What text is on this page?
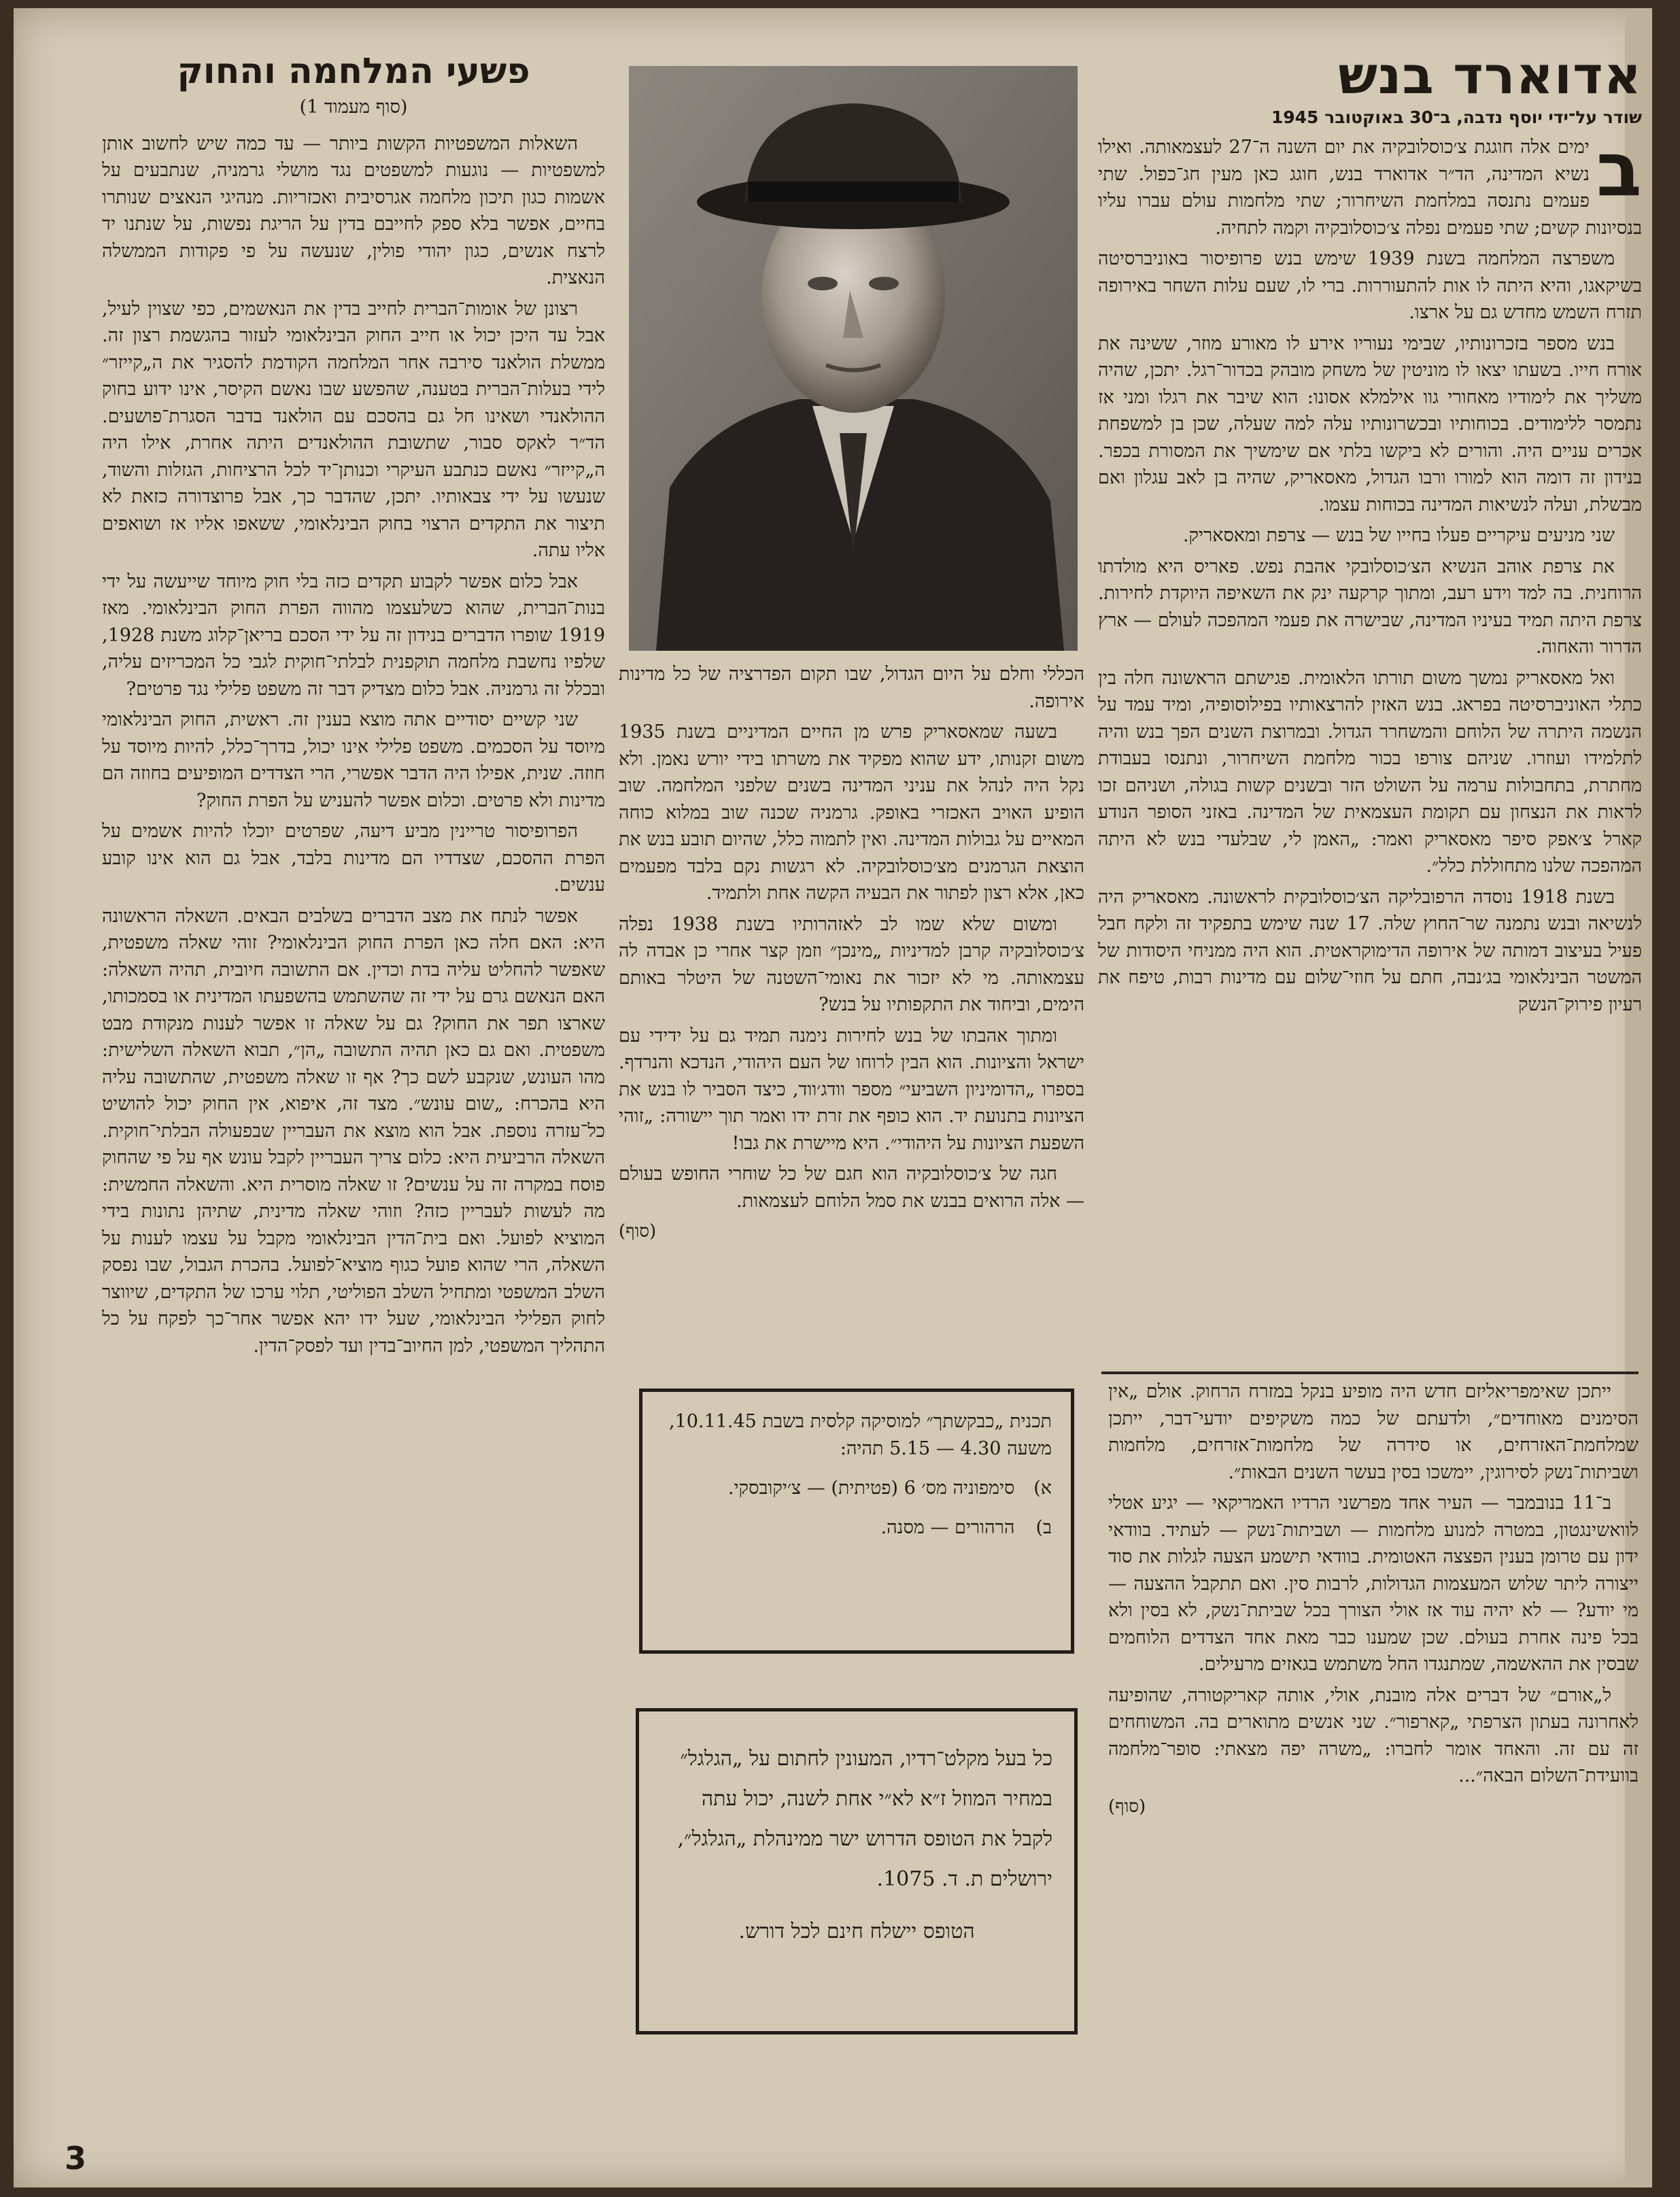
אדוארד בנש
שודר על־ידי יוסף נדבה, ב־30 באוקטובר 1945

ב
ימים אלה חוגגת צ׳כוסלובקיה את יום השנה ה־27 לעצמאותה. ואילו נשיא המדינה, הד״ר אדוארד בנש, חוגג כאן מעין חג־כפול. שתי פעמים נתנסה במלחמת השיחרור; שתי מלחמות עולם עברו עליו בנסיונות קשים; שתי פעמים נפלה צ׳כוסלובקיה וקמה לתחיה.

משפרצה המלחמה בשנת 1939 שימש בנש פרופיסור באוניברסיטה בשיקאגו, והיא היתה לו אות להתעוררות. ברי לו, שעם עלות השחר באירופה תזרח השמש מחדש גם על ארצו.

בנש מספר בזכרונותיו, שבימי נעוריו אירע לו מאורע מוזר, ששינה את אורח חייו. בשעתו יצאו לו מוניטין של משחק מובהק בכדור־רגל. יתכן, שהיה משליך את לימודיו מאחורי גוו אילמלא אסונו: הוא שיבר את רגלו ומני אז נתמסר ללימודים. בכוחותיו ובכשרונותיו עלה למה שעלה, שכן בן למשפחת אכרים עניים היה. והורים לא ביקשו בלתי אם שימשיך את המסורת בכפר. בנידון זה דומה הוא למורו ורבו הגדול, מאסאריק, שהיה בן לאב עגלון ואם מבשלת, ועלה לנשיאות המדינה בכוחות עצמו.

שני מניעים עיקריים פעלו בחייו של בנש — צרפת ומאסאריק.

את צרפת אוהב הנשיא הצ׳כוסלובקי אהבת נפש. פאריס היא מולדתו הרוחנית. בה למד וידע רעב, ומתוך קרקעה ינק את השאיפה היוקדת לחירות. צרפת היתה תמיד בעיניו המדינה, שבישרה את פעמי המהפכה לעולם — ארץ הדרור והאחוה.

ואל מאסאריק נמשך משום תורתו הלאומית. פגישתם הראשונה חלה בין כתלי האוניברסיטה בפראג. בנש האזין להרצאותיו בפילוסופיה, ומיד עמד על הנשמה היתרה של הלוחם והמשחרר הגדול. ובמרוצת השנים הפך בנש והיה לתלמידו ועוזרו. שניהם צורפו בכור מלחמת השיחרור, ונתנסו בעבודת מחתרת, בתחבולות ערמה על השולט הזר ובשנים קשות בגולה, ושניהם זכו לראות את הנצחון עם תקומת העצמאית של המדינה. באזני הסופר הנודע קארל צ׳אפק סיפר מאסאריק ואמר: „האמן לי, שבלעדי בנש לא היתה המהפכה שלנו מתחוללת כלל״.

בשנת 1918 נוסדה הרפובליקה הצ׳כוסלובקית לראשונה. מאסאריק היה לנשיאה ובנש נתמנה שר־החוץ שלה. 17 שנה שימש בתפקיד זה ולקח חבל פעיל בעיצוב דמותה של אירופה הדימוקראטית. הוא היה ממניחי היסודות של המשטר הבינלאומי בג׳נבה, חתם על חוזי־שלום עם מדינות רבות, טיפח את רעיון פירוק־הנשק

ייתכן שאימפריאליזם חדש היה מופיע בנקל במזרח הרחוק. אולם „אין הסימנים מאוחדים״, ולדעתם של כמה משקיפים יודעי־דבר, ייתכן שמלחמת־האזרחים, או סידרה של מלחמות־אזרחים, מלחמות ושביתות־נשק לסירוגין, יימשכו בסין בעשר השנים הבאות״.

ב־11 בנובמבר — העיר אחד מפרשני הרדיו האמריקאי — יגיע אטלי לוואשינגטון, במטרה למנוע מלחמות — ושביתות־נשק — לעתיד. בוודאי ידון עם טרומן בענין הפצצה האטומית. בוודאי תישמע הצעה לגלות את סוד ייצורה ליתר שלוש המעצמות הגדולות, לרבות סין. ואם תתקבל ההצעה — מי יודע? — לא יהיה עוד אז אולי הצורך בכל שביתת־נשק, לא בסין ולא בכל פינה אחרת בעולם. שכן שמענו כבר מאת אחד הצדדים הלוחמים שבסין את ההאשמה, שמתנגדו החל משתמש בגאזים מרעילים.

ל„אורם״ של דברים אלה מובנת, אולי, אותה קאריקטורה, שהופיעה לאחרונה בעתון הצרפתי „קארפור״. שני אנשים מתוארים בה. המשוחחים זה עם זה. והאחד אומר לחברו: „משרה יפה מצאתי: סופר־מלחמה בוועידת־השלום הבאה״...

(סוף)

הכללי וחלם על היום הגדול, שבו תקום הפדרציה של כל מדינות אירופה.

בשעה שמאסאריק פרש מן החיים המדיניים בשנת 1935 משום זקנותו, ידע שהוא מפקיד את משרתו בידי יורש נאמן. ולא נקל היה לנהל את עניני המדינה בשנים שלפני המלחמה. שוב הופיע האויב האכזרי באופק. גרמניה שכנה שוב במלוא כוחה המאיים על גבולות המדינה. ואין לתמוה כלל, שהיום תובע בנש את הוצאת הגרמנים מצ׳כוסלובקיה. לא רגשות נקם בלבד מפעמים כאן, אלא רצון לפתור את הבעיה הקשה אחת ולתמיד.

ומשום שלא שמו לב לאזהרותיו בשנת 1938 נפלה צ׳כוסלובקיה קרבן למדיניות „מינכן״ וזמן קצר אחרי כן אבדה לה עצמאותה. מי לא יזכור את נאומי־השטנה של היטלר באותם הימים, וביחוד את התקפותיו על בנש?

ומתוך אהבתו של בנש לחירות נימנה תמיד גם על ידידי עם ישראל והציונות. הוא הבין לרוחו של העם היהודי, הנדכא והנרדף. בספרו „הדומיניון השביעי״ מספר וודג׳ווד, כיצד הסביר לו בנש את הציונות בתנועת יד. הוא כופף את זרת ידו ואמר תוך יישורה: „זוהי השפעת הציונות על היהודי״. היא מיישרת את גבו!

חגה של צ׳כוסלובקיה הוא חגם של כל שוחרי החופש בעולם — אלה הרואים בבנש את סמל הלוחם לעצמאות.

(סוף)
תכנית „כבקשתך״ למוסיקה קלסית בשבת 10.11.45, משעה 4.30 — 5.15 תהיה:
א) סימפוניה מס׳ 6 (פטיתית) — צ׳יקובסקי.
ב) הרהורים — מסנה.
כל בעל מקלט־רדיו, המעונין לחתום על „הגלגל״ במחיר המוזל ז״א לא״י אחת לשנה, יכול עתה לקבל את הטופס הדרוש ישר ממינהלת „הגלגל״, ירושלים ת. ד. 1075.
הטופס יישלח חינם לכל דורש.
פשעי המלחמה והחוק
(סוף מעמוד 1)

השאלות המשפטיות הקשות ביותר — עד כמה שיש לחשוב אותן למשפטיות — נוגעות למשפטים נגד מושלי גרמניה, שנתבעים על אשמות כגון תיכון מלחמה אגרסיבית ואכזריות. מנהיגי הנאצים שנותרו בחיים, אפשר בלא ספק לחייבם בדין על הריגת נפשות, על שנתנו יד לרצח אנשים, כגון יהודי פולין, שנעשה על פי פקודות הממשלה הנאצית.

רצונן של אומות־הברית לחייב בדין את הנאשמים, כפי שצוין לעיל, אבל עד היכן יכול או חייב החוק הבינלאומי לעזור בהגשמת רצון זה. ממשלת הולאנד סירבה אחר המלחמה הקודמת להסגיר את ה„קייזר״ לידי בעלות־הברית בטענה, שהפשע שבו נאשם הקיסר, אינו ידוע בחוק ההולאנדי ושאינו חל גם בהסכם עם הולאנד בדבר הסגרת־פושעים. הד״ר לאקס סבור, שתשובת ההולאנדים היתה אחרת, אילו היה ה„קייזר״ נאשם כנתבע העיקרי וכנותן־יד לכל הרציחות, הגזלות והשוד, שנעשו על ידי צבאותיו. יתכן, שהדבר כך, אבל פרוצדורה כזאת לא תיצור את התקדים הרצוי בחוק הבינלאומי, ששאפו אליו אז ושואפים אליו עתה.

אבל כלום אפשר לקבוע תקדים כזה בלי חוק מיוחד שייעשה על ידי בנות־הברית, שהוא כשלעצמו מהווה הפרת החוק הבינלאומי. מאז 1919 שופרו הדברים בנידון זה על ידי הסכם בריאן־קלוג משנת 1928, שלפיו נחשבת מלחמה תוקפנית לבלתי־חוקית לגבי כל המכריזים עליה, ובכלל זה גרמניה. אבל כלום מצדיק דבר זה משפט פלילי נגד פרטים?

שני קשיים יסודיים אתה מוצא בענין זה. ראשית, החוק הבינלאומי מיוסד על הסכמים. משפט פלילי אינו יכול, בדרך־כלל, להיות מיוסד על חוזה. שנית, אפילו היה הדבר אפשרי, הרי הצדדים המופיעים בחוזה הם מדינות ולא פרטים. וכלום אפשר להעניש על הפרת החוק?

הפרופיסור טריינין מביע דיעה, שפרטים יוכלו להיות אשמים על הפרת ההסכם, שצדדיו הם מדינות בלבד, אבל גם הוא אינו קובע ענשים.

אפשר לנתח את מצב הדברים בשלבים הבאים. השאלה הראשונה היא: האם חלה כאן הפרת החוק הבינלאומי? זוהי שאלה משפטית, שאפשר להחליט עליה בדת וכדין. אם התשובה חיובית, תהיה השאלה: האם הנאשם גרם על ידי זה שהשתמש בהשפעתו המדינית או בסמכותו, שארצו תפר את החוק? גם על שאלה זו אפשר לענות מנקודת מבט משפטית. ואם גם כאן תהיה התשובה „הן״, תבוא השאלה השלישית: מהו העונש, שנקבע לשם כך? אף זו שאלה משפטית, שהתשובה עליה היא בהכרח: „שום עונש״. מצד זה, איפוא, אין החוק יכול להושיט כל־עזרה נוספת. אבל הוא מוצא את העבריין שבפעולה הבלתי־חוקית. השאלה הרביעית היא: כלום צריך העבריין לקבל עונש אף על פי שהחוק פוסח במקרה זה על ענשים? זו שאלה מוסרית היא. והשאלה החמשית: מה לעשות לעבריין כזה? וזוהי שאלה מדינית, שתיהן נתונות בידי המוציא לפועל. ואם בית־הדין הבינלאומי מקבל על עצמו לענות על השאלה, הרי שהוא פועל כגוף מוציא־לפועל. בהכרת הגבול, שבו נפסק השלב המשפטי ומתחיל השלב הפוליטי, תלוי ערכו של התקדים, שיווצר לחוק הפלילי הבינלאומי, שעל ידו יהא אפשר אחר־כך לפקח על כל התהליך המשפטי, למן החיוב־בדין ועד לפסק־הדין.

3
